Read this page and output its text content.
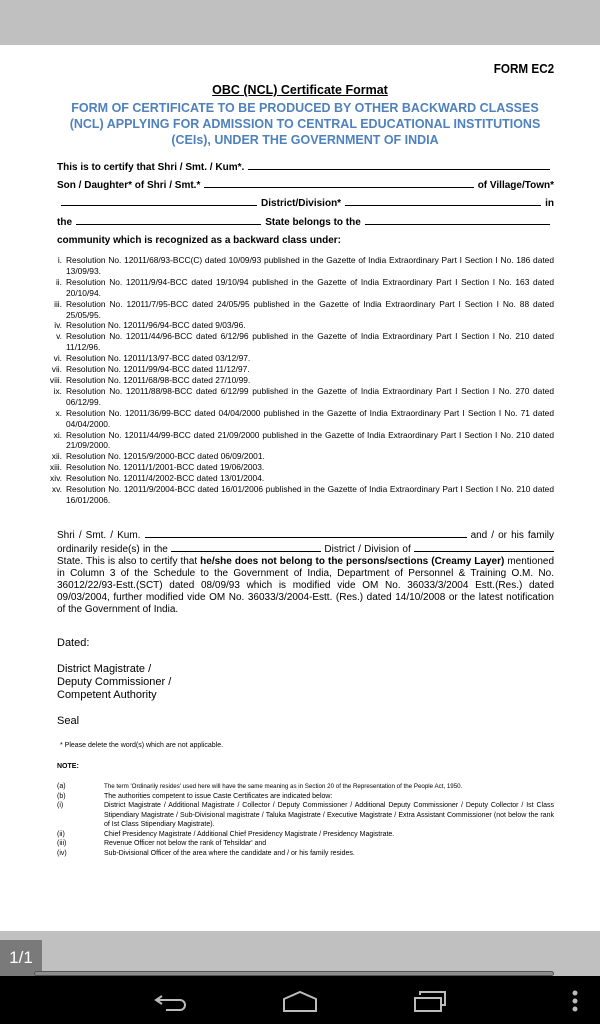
FORM EC2
OBC (NCL) Certificate Format
FORM OF CERTIFICATE TO BE PRODUCED BY OTHER BACKWARD CLASSES
(NCL) APPLYING FOR ADMISSION TO CENTRAL EDUCATIONAL INSTITUTIONS
(CEIs), UNDER THE GOVERNMENT OF INDIA
This is to certify that Shri / Smt. / Kum*.
Son / Daughter* of Shri / Smt.*	of Village/Town*
District/Division*	in
the	State belongs to the
community which is recognized as a backward class under:
i. Resolution No. 12011/68/93-BCC(C) dated 10/09/93 published in the Gazette of India Extraordinary Part I Section I No. 186 dated 13/09/93.
ii. Resolution No. 12011/9/94-BCC dated 19/10/94 published in the Gazette of India Extraordinary Part I Section I No. 163 dated 20/10/94.
iii. Resolution No. 12011/7/95-BCC dated 24/05/95 published in the Gazette of India Extraordinary Part I Section I No. 88 dated 25/05/95.
iv. Resolution No. 12011/96/94-BCC dated 9/03/96.
v. Resolution No. 12011/44/96-BCC dated 6/12/96 published in the Gazette of India Extraordinary Part I Section I No. 210 dated 11/12/96.
vi. Resolution No. 12011/13/97-BCC dated 03/12/97.
vii. Resolution No. 12011/99/94-BCC dated 11/12/97.
viii. Resolution No. 12011/68/98-BCC dated 27/10/99.
ix. Resolution No. 12011/88/98-BCC dated 6/12/99 published in the Gazette of India Extraordinary Part I Section I No. 270 dated 06/12/99.
x. Resolution No. 12011/36/99-BCC dated 04/04/2000 published in the Gazette of India Extraordinary Part I Section I No. 71 dated 04/04/2000.
xi. Resolution No. 12011/44/99-BCC dated 21/09/2000 published in the Gazette of India Extraordinary Part I Section I No. 210 dated 21/09/2000.
xii. Resolution No. 12015/9/2000-BCC dated 06/09/2001.
xiii. Resolution No. 12011/1/2001-BCC dated 19/06/2003.
xiv. Resolution No. 12011/4/2002-BCC dated 13/01/2004.
xv. Resolution No. 12011/9/2004-BCC dated 16/01/2006 published in the Gazette of India Extraordinary Part I Section I No. 210 dated 16/01/2006.
Shri / Smt. / Kum.	and / or his family ordinarily reside(s) in the	District / Division of  State. This is also to certify that he/she does not belong to the persons/sections (Creamy Layer) mentioned in Column 3 of the Schedule to the Government of India, Department of Personnel & Training O.M. No. 36012/22/93-Estt.(SCT) dated 08/09/93 which is modified vide OM No. 36033/3/2004 Estt.(Res.) dated 09/03/2004, further modified vide OM No. 36033/3/2004-Estt. (Res.) dated 14/10/2008 or the latest notification of the Government of India.
Dated:
District Magistrate /
Deputy Commissioner /
Competent Authority
Seal
* Please delete the word(s) which are not applicable.
NOTE:
(a)	The term 'Ordinarily resides' used here will have the same meaning as in Section 20 of the Representation of the People Act, 1950.
(b)	The authorities competent to issue Caste Certificates are indicated below:
(i)	District Magistrate / Additional Magistrate / Collector / Deputy Commissioner / Additional Deputy Commissioner / Deputy Collector / Ist Class Stipendiary Magistrate / Sub-Divisional magistrate / Taluka Magistrate / Executive Magistrate / Extra Assistant Commissioner (not below the rank of Ist Class Stipendiary Magistrate).
(ii)	Chief Presidency Magistrate / Additional Chief Presidency Magistrate / Presidency Magistrate.
(iii)	Revenue Officer not below the rank of Tehsildar' and
(iv)	Sub-Divisional Officer of the area where the candidate and / or his family resides.
1/1
